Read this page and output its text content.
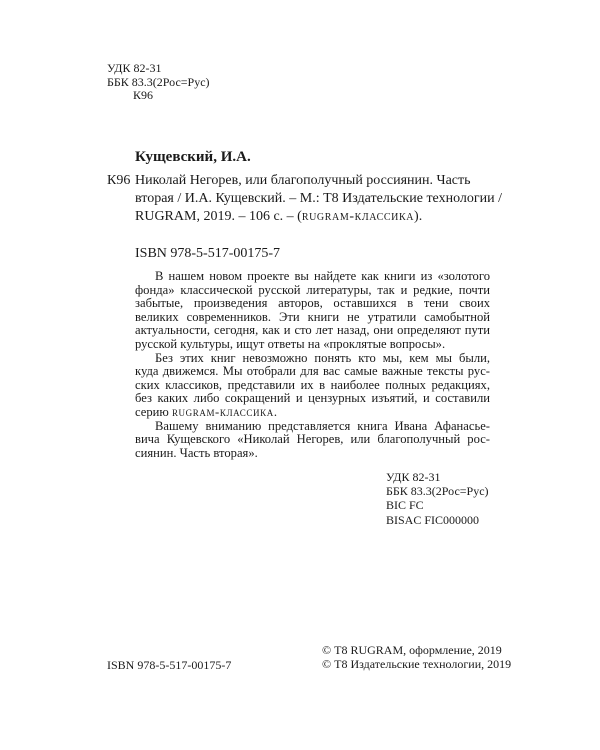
УДК 82-31
ББК 83.3(2Рос=Рус)
К96
Кущевский, И.А.
К96 Николай Негорев, или благополучный россиянин. Часть
вторая / И.А. Кущевский. – М.: Т8 Издательские технологии /
RUGRAM, 2019. – 106 с. – (rugram-классика).
ISBN 978-5-517-00175-7
В нашем новом проекте вы найдете как книги из «золотого
фонда» классической русской литературы, так и редкие, почти
забытые, произведения авторов, оставшихся в тени своих
великих современников. Эти книги не утратили самобытной
актуальности, сегодня, как и сто лет назад, они определяют пути
русской культуры, ищут ответы на «проклятые вопросы».
Без этих книг невозможно понять кто мы, кем мы были,
куда движемся. Мы отобрали для вас самые важные тексты рус-
ских классиков, представили их в наиболее полных редакциях,
без каких либо сокращений и цензурных изъятий, и составили
серию rugram-классика.
Вашему вниманию представляется книга Ивана Афанасье-
вича Кущевского «Николай Негорев, или благополучный рос-
сиянин. Часть вторая».
УДК 82-31
ББК 83.3(2Рос=Рус)
BIC FC
BISAC FIC000000
© Т8 RUGRAM, оформление, 2019
© Т8 Издательские технологии, 2019
ISBN 978-5-517-00175-7
